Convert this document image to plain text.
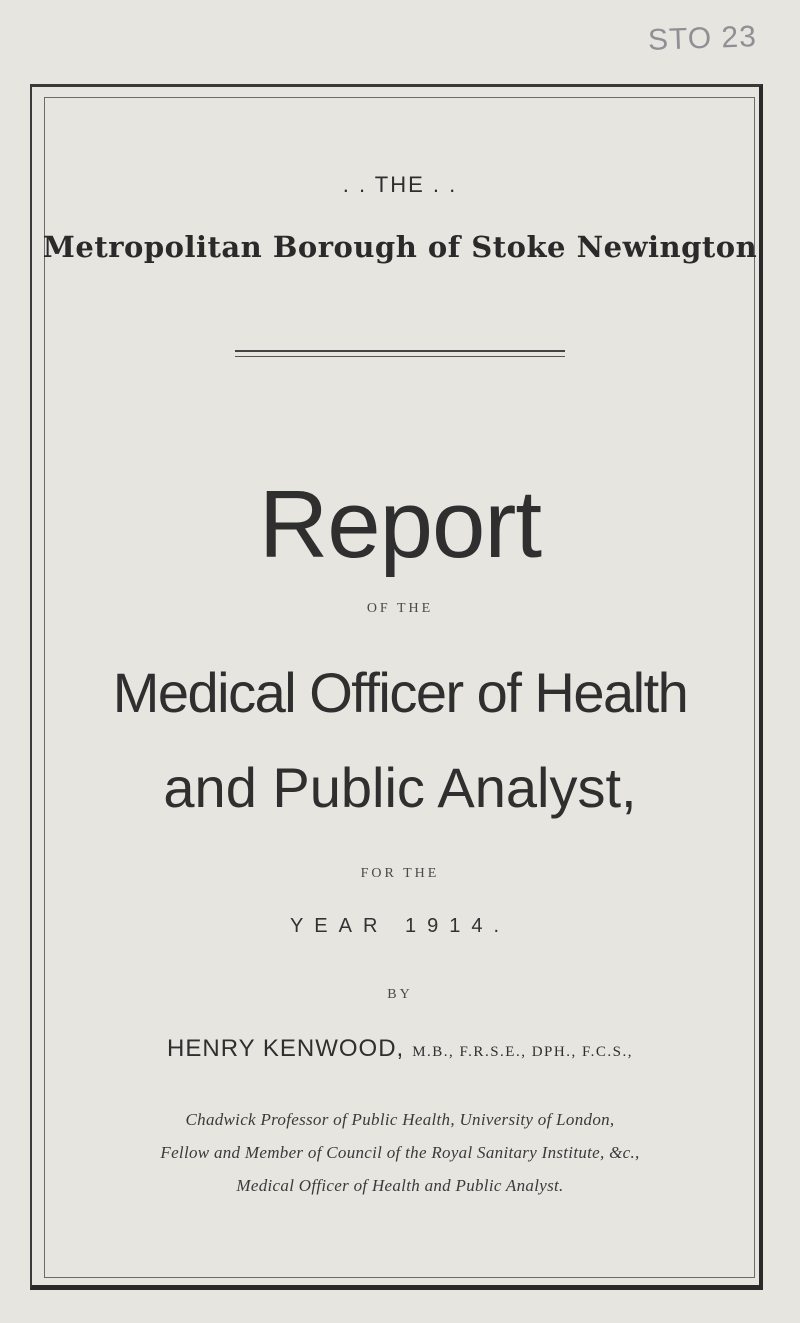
STO 23
. . THE . .
Metropolitan Borough of Stoke Newington
Report
OF THE
Medical Officer of Health
and Public Analyst,
FOR THE
YEAR 1914.
BY
HENRY KENWOOD, M.B., F.R.S.E., DPH., F.C.S.,
Chadwick Professor of Public Health, University of London,
Fellow and Member of Council of the Royal Sanitary Institute, &c.,
Medical Officer of Health and Public Analyst.
